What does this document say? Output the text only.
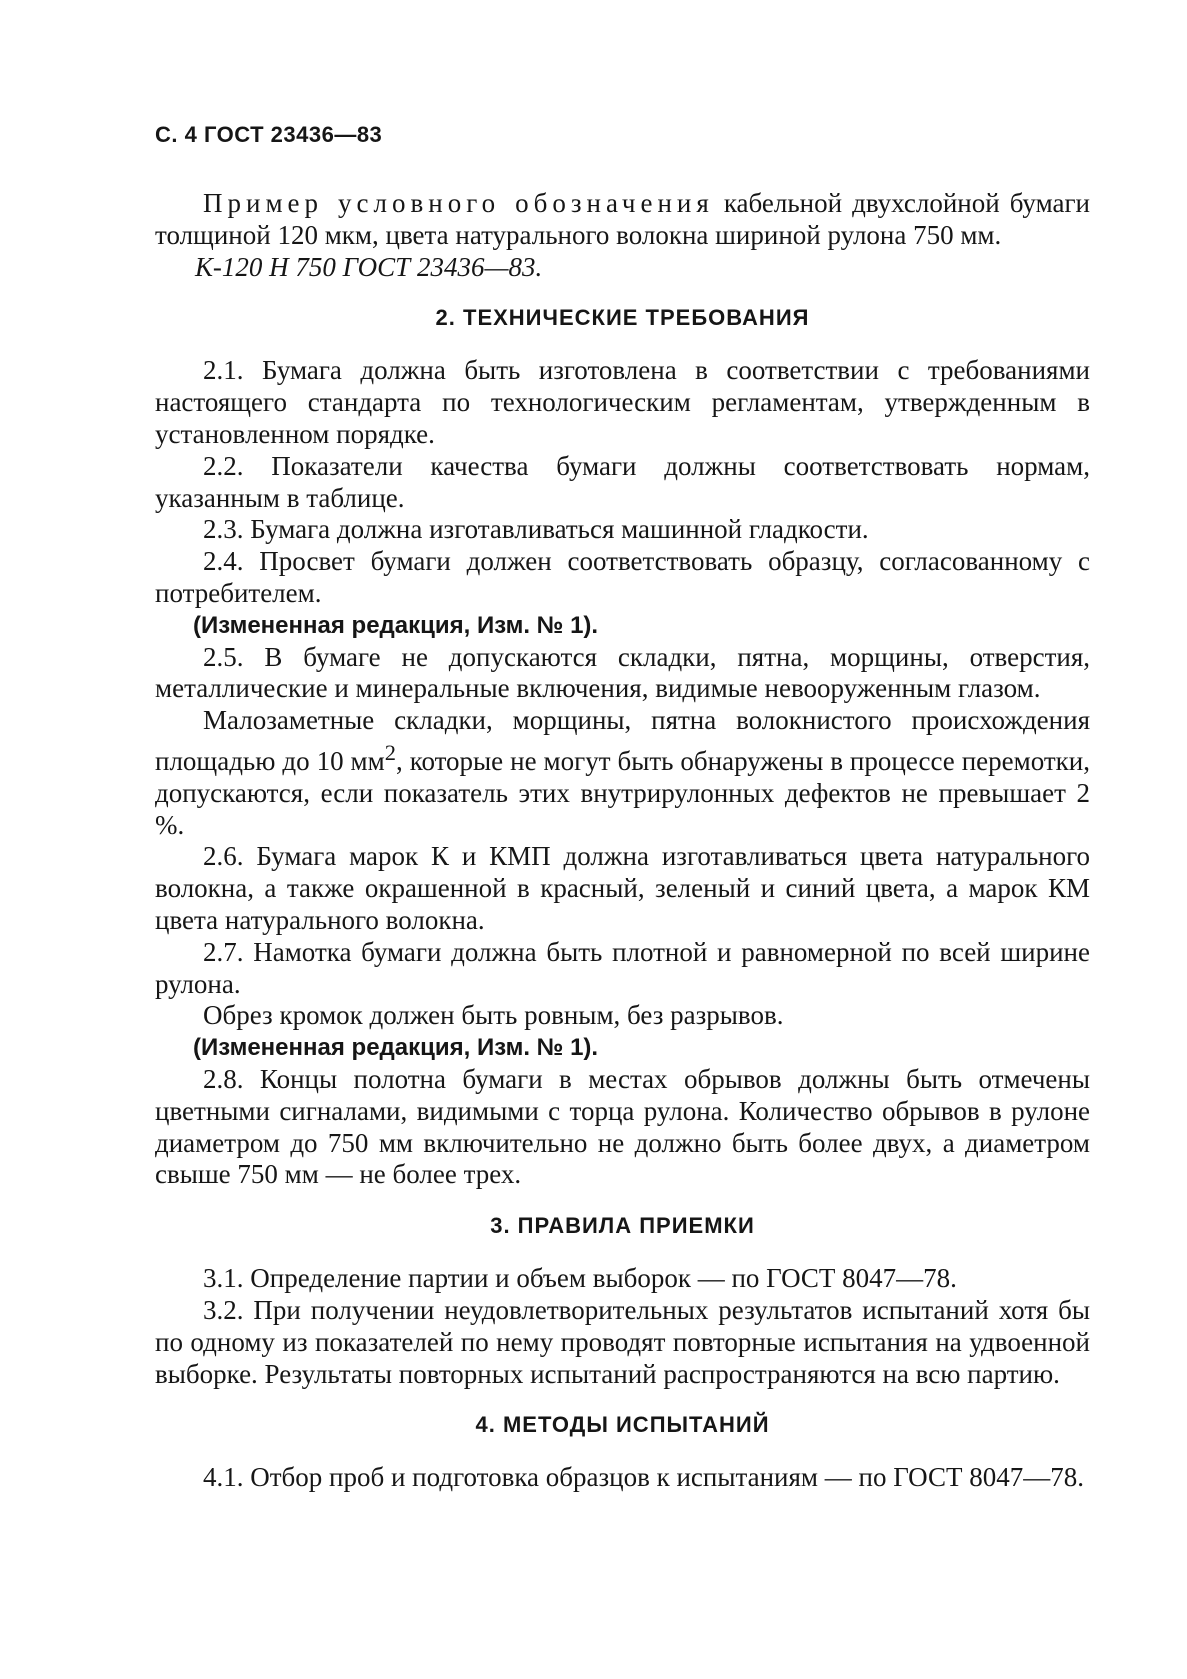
С. 4 ГОСТ 23436—83

Пример условного обозначения кабельной двухслойной бумаги толщиной 120 мкм, цвета натурального волокна шириной рулона 750 мм.

К-120 Н 750 ГОСТ 23436—83.

2. ТЕХНИЧЕСКИЕ ТРЕБОВАНИЯ

2.1. Бумага должна быть изготовлена в соответствии с требованиями настоящего стандарта по технологическим регламентам, утвержденным в установленном порядке.

2.2. Показатели качества бумаги должны соответствовать нормам, указанным в таблице.

2.3. Бумага должна изготавливаться машинной гладкости.

2.4. Просвет бумаги должен соответствовать образцу, согласованному с потребителем.

(Измененная редакция, Изм. № 1).

2.5. В бумаге не допускаются складки, пятна, морщины, отверстия, металлические и минеральные включения, видимые невооруженным глазом.

Малозаметные складки, морщины, пятна волокнистого происхождения площадью до 10 $мм^2$, которые не могут быть обнаружены в процессе перемотки, допускаются, если показатель этих внутрирулонных дефектов не превышает 2 %.

2.6. Бумага марок К и КМП должна изготавливаться цвета натурального волокна, а также окрашенной в красный, зеленый и синий цвета, а марок КМ цвета натурального волокна.

2.7. Намотка бумаги должна быть плотной и равномерной по всей ширине рулона.

Обрез кромок должен быть ровным, без разрывов.

(Измененная редакция, Изм. № 1).

2.8. Концы полотна бумаги в местах обрывов должны быть отмечены цветными сигналами, видимыми с торца рулона. Количество обрывов в рулоне диаметром до 750 мм включительно не должно быть более двух, а диаметром свыше 750 мм — не более трех.

3. ПРАВИЛА ПРИЕМКИ

3.1. Определение партии и объем выборок — по ГОСТ 8047—78.

3.2. При получении неудовлетворительных результатов испытаний хотя бы по одному из показателей по нему проводят повторные испытания на удвоенной выборке. Результаты повторных испытаний распространяются на всю партию.

4. МЕТОДЫ ИСПЫТАНИЙ

4.1. Отбор проб и подготовка образцов к испытаниям — по ГОСТ 8047—78.
